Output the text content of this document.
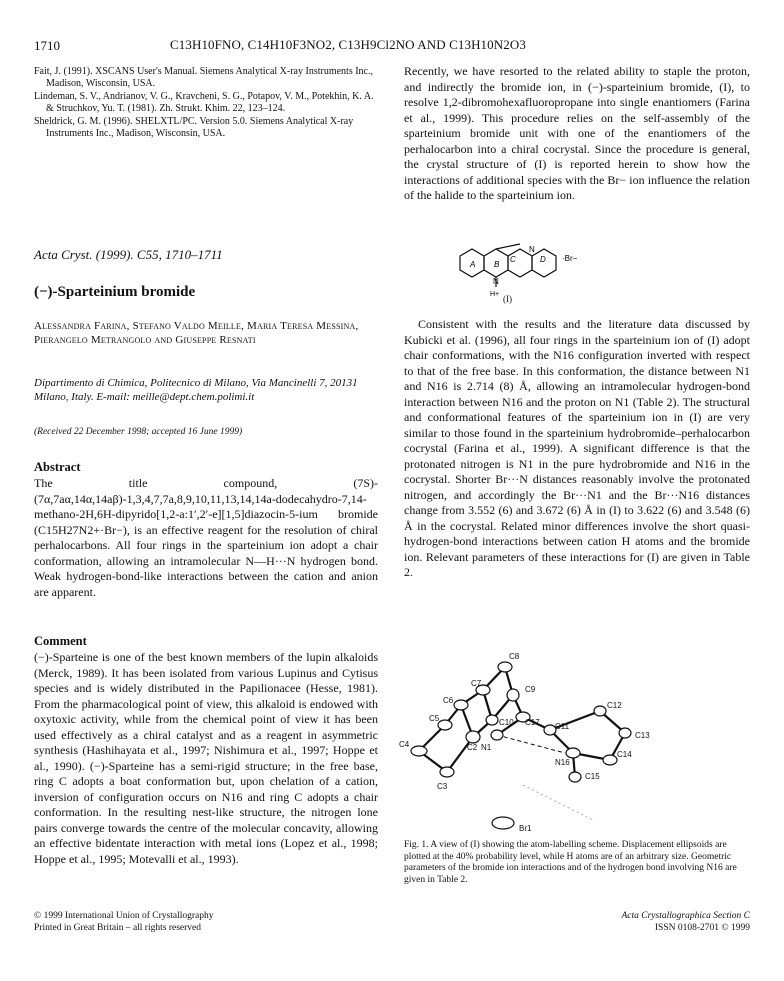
1710	C13H10FNO, C14H10F3NO2, C13H9Cl2NO AND C13H10N2O3

Fait, J. (1991). XSCANS User's Manual. Siemens Analytical X-ray Instruments Inc., Madison, Wisconsin, USA.

Lindeman, S. V., Andrianov, V. G., Kravcheni, S. G., Potapov, V. M., Potekhin, K. A. & Struchkov, Yu. T. (1981). Zh. Strukt. Khim. 22, 123–124.

Sheldrick, G. M. (1996). SHELXTL/PC. Version 5.0. Siemens Analytical X-ray Instruments Inc., Madison, Wisconsin, USA.

Recently, we have resorted to the related ability to staple the proton, and indirectly the bromide ion, in (−)-sparteinium bromide, (I), to resolve 1,2-dibromohexafluoropropane into single enantiomers (Farina et al., 1999). This procedure relies on the self-assembly of the sparteinium bromide unit with one of the enantiomers of the perhalocarbon into a chiral cocrystal. Since the procedure is general, the crystal structure of (I) is reported herein to show how the interactions of additional species with the Br− ion influence the relation of the halide to the sparteinium ion.

Acta Cryst. (1999). C55, 1710–1711
(−)-Sparteinium bromide
Alessandra Farina, Stefano Valdo Meille, Maria Teresa Messina, Pierangelo Metrangolo and Giuseppe Resnati
Dipartimento di Chimica, Politecnico di Milano, Via Mancinelli 7, 20131 Milano, Italy. E-mail: meille@dept.chem.polimi.it
(Received 22 December 1998; accepted 16 June 1999)
Abstract

The title compound, (7S)-(7α,7aα,14α,14aβ)-1,3,4,7,7a,8,9,10,11,13,14,14a-dodecahydro-7,14-methano-2H,6H-dipyrido[1,2-a:1′,2′-e][1,5]diazocin-5-ium bromide (C15H27N2+·Br−), is an effective reagent for the resolution of chiral perhalocarbons. All four rings in the sparteinium ion adopt a chair conformation, allowing an intramolecular N—H···N hydrogen bond. Weak hydrogen-bond-like interactions between the cation and anion are apparent.

Comment

(−)-Sparteine is one of the best known members of the lupin alkaloids (Merck, 1989). It has been isolated from various Lupinus and Cytisus species and is widely distributed in the Papilionacee (Hesse, 1981). From the pharmacological point of view, this alkaloid is endowed with oxytoxic activity, while from the chemical point of view it has been used effectively as a chiral catalyst and as a reagent in asymmetric synthesis (Hashihayata et al., 1997; Nishimura et al., 1997; Hoppe et al., 1990). (−)-Sparteine has a semi-rigid structure; in the free base, ring C adopts a boat conformation but, upon chelation of a cation, inversion of configuration occurs on N16 and ring C adopts a chair conformation. In the resulting nest-like structure, the nitrogen lone pairs converge towards the centre of the molecular concavity, allowing an effective bidentate interaction with metal ions (Lopez et al., 1998; Hoppe et al., 1995; Motevalli et al., 1993).

A B
C	D
N
N
H+
·Br−
(I)

Consistent with the results and the literature data discussed by Kubicki et al. (1996), all four rings in the sparteinium ion of (I) adopt chair conformations, with the N16 configuration inverted with respect to that of the free base. In this conformation, the distance between N1 and N16 is 2.714 (8) Å, allowing an intramolecular hydrogen-bond interaction between N16 and the proton on N1 (Table 2). The structural and conformational features of the sparteinium ion in (I) are very similar to those found in the sparteinium hydrobromide–perhalocarbon cocrystal (Farina et al., 1999). A significant difference is that the protonated nitrogen is N1 in the pure hydrobromide and N16 in the cocrystal. Shorter Br···N distances reasonably involve the protonated nitrogen, and accordingly the Br···N1 and the Br···N16 distances change from 3.552 (6) and 3.672 (6) Å in (I) to 3.622 (6) and 3.548 (6) Å in the cocrystal. Related minor differences involve the short quasi-hydrogen-bond interactions between cation H atoms and the bromide ion. Relevant parameters of these interactions for (I) are given in Table 2.

C8
C7
C9
C6
C10 C17
C12
C5
N1
C11
C13
C4	C2
N16
C14
C15
C3
Br1
Fig. 1. A view of (I) showing the atom-labelling scheme. Displacement ellipsoids are plotted at the 40% probability level, while H atoms are of an arbitrary size. Geometric parameters of the bromide ion interactions and of the hydrogen bond involving N16 are given in Table 2.
© 1999 International Union of Crystallography
Printed in Great Britain – all rights reserved
Acta Crystallographica Section C
ISSN 0108-2701 © 1999
